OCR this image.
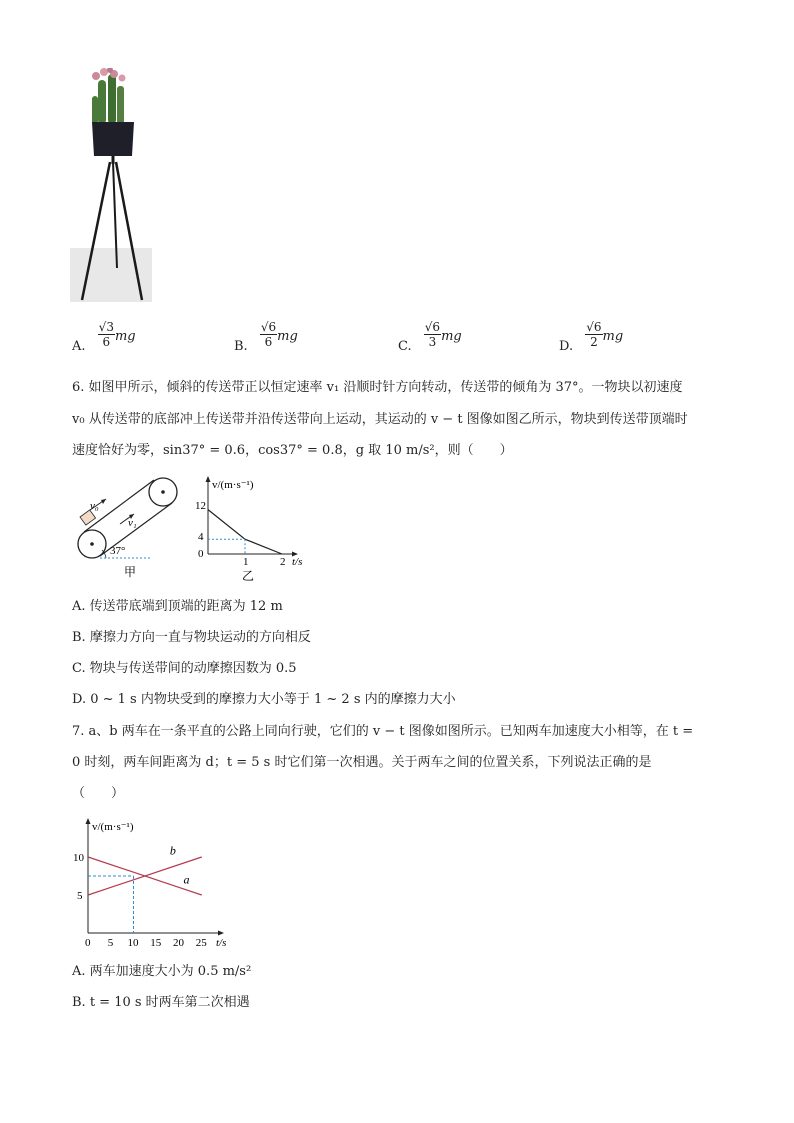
A. $\frac{√3}{6}$ mg
B. $\frac{√6}{6}$ mg
C. $\frac{√6}{3}$ mg
D. $\frac{√6}{2}$ mg
6. 如图甲所示，倾斜的传送带正以恒定速率 v₁ 沿顺时针方向转动，传送带的倾角为 37°。一物块以初速度
v₀ 从传送带的底部冲上传送带并沿传送带向上运动，其运动的 v − t 图像如图乙所示，物块到传送带顶端时
速度恰好为零，sin37° = 0.6，cos37° = 0.8，g 取 10 m/s²，则（　　）
v₀
v₁
37°
甲
v/(m·s⁻¹)
t/s
12
4
0
1	2
乙
A. 传送带底端到顶端的距离为 12 m
B. 摩擦力方向一直与物块运动的方向相反
C. 物块与传送带间的动摩擦因数为 0.5
D. 0 ~ 1 s 内物块受到的摩擦力大小等于 1 ~ 2 s 内的摩擦力大小
7. a、b 两车在一条平直的公路上同向行驶，它们的 v − t 图像如图所示。已知两车加速度大小相等，在 t =
0 时刻，两车间距离为 d；t = 5 s 时它们第一次相遇。关于两车之间的位置关系，下列说法正确的是
（　　）
b
a
0 5 10 15 20 25
5
10
v/(m·s⁻¹)
t/s
A. 两车加速度大小为 0.5 m/s²
B. t = 10 s 时两车第二次相遇
